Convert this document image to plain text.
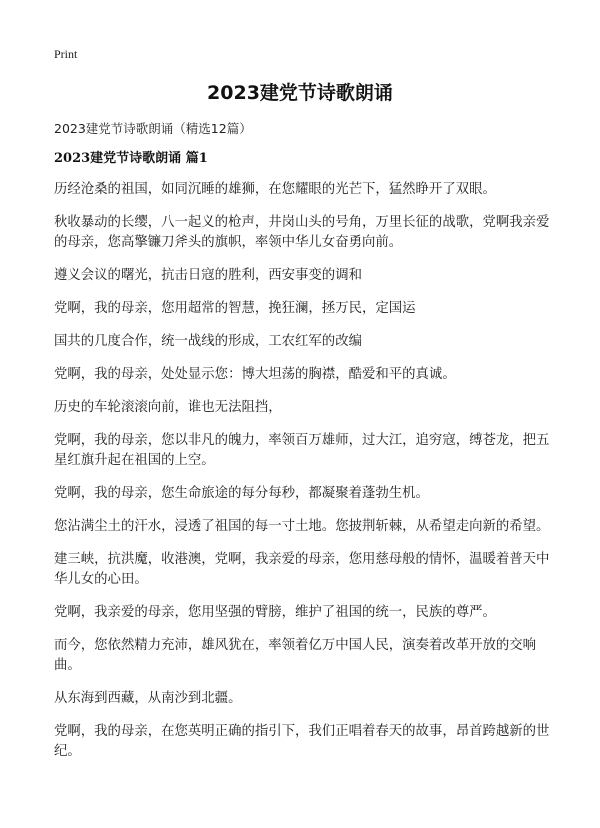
Print
2023建党节诗歌朗诵
2023建党节诗歌朗诵（精选12篇）
2023建党节诗歌朗诵 篇1

历经沧桑的祖国，如同沉睡的雄狮，在您耀眼的光芒下，猛然睁开了双眼。

秋收暴动的长缨，八一起义的枪声，井岗山头的号角，万里长征的战歌，党啊我亲爱的母亲，您高擎镰刀斧头的旗帜，率领中华儿女奋勇向前。

遵义会议的曙光，抗击日寇的胜利，西安事变的调和

党啊，我的母亲，您用超常的智慧，挽狂澜，拯万民，定国运

国共的几度合作，统一战线的形成，工农红军的改编

党啊，我的母亲，处处显示您：博大坦荡的胸襟，酷爱和平的真诚。

历史的车轮滚滚向前，谁也无法阻挡，

党啊，我的母亲，您以非凡的魄力，率领百万雄师，过大江，追穷寇，缚苍龙，把五星红旗升起在祖国的上空。

党啊，我的母亲，您生命旅途的每分每秒，都凝聚着蓬勃生机。

您沾满尘土的汗水，浸透了祖国的每一寸土地。您披荆斩棘，从希望走向新的希望。

建三峡，抗洪魔，收港澳，党啊，我亲爱的母亲，您用慈母般的情怀，温暖着普天中华儿女的心田。

党啊，我亲爱的母亲，您用坚强的臂膀，维护了祖国的统一，民族的尊严。

而今，您依然精力充沛，雄风犹在，率领着亿万中国人民，演奏着改革开放的交响曲。

从东海到西藏，从南沙到北疆。

党啊，我的母亲，在您英明正确的指引下，我们正唱着春天的故事，昂首跨越新的世纪。
